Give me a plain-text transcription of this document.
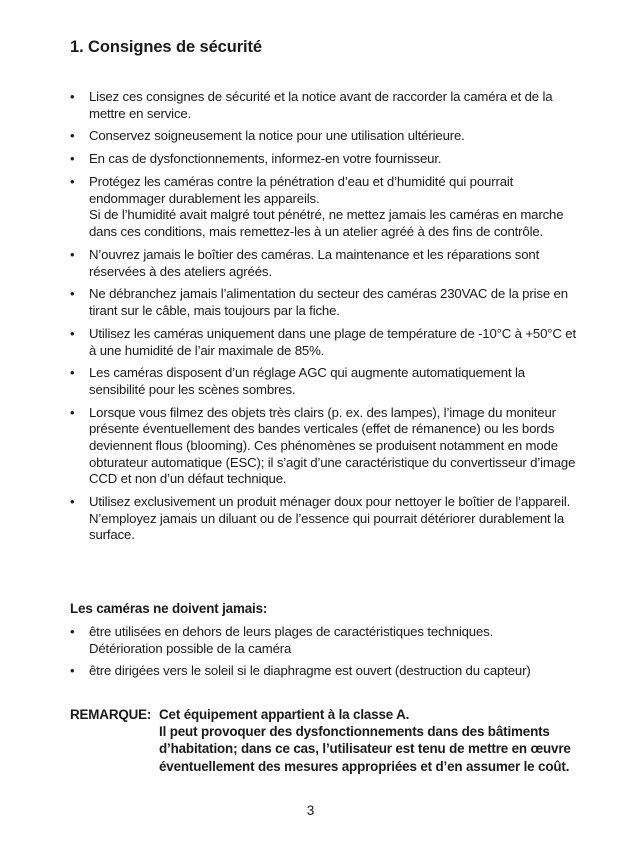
1. Consignes de sécurité
• Lisez ces consignes de sécurité et la notice avant de raccorder la caméra et de la mettre en service.

• Conservez soigneusement la notice pour une utilisation ultérieure.

• En cas de dysfonctionnements, informez-en votre fournisseur.

• Protégez les caméras contre la pénétration d’eau et d’humidité qui pourrait endommager durablement les appareils.

Si de l’humidité avait malgré tout pénétré, ne mettez jamais les caméras en marche dans ces conditions, mais remettez-les à un atelier agréé à des fins de contrôle.

• N’ouvrez jamais le boîtier des caméras. La maintenance et les réparations sont réservées à des ateliers agréés.

• Ne débranchez jamais l’alimentation du secteur des caméras 230VAC de la prise en tirant sur le câble, mais toujours par la fiche.

• Utilisez les caméras uniquement dans une plage de température de -10°C à +50°C et à une humidité de l’air maximale de 85%.

• Les caméras disposent d’un réglage AGC qui augmente automatiquement la sensibilité pour les scènes sombres.

• Lorsque vous filmez des objets très clairs (p. ex. des lampes), l’image du moniteur présente éventuellement des bandes verticales (effet de rémanence) ou les bords deviennent flous (blooming). Ces phénomènes se produisent notamment en mode obturateur automatique (ESC); il s’agit d’une caractéristique du convertisseur d’image CCD et non d’un défaut technique.

• Utilisez exclusivement un produit ménager doux pour nettoyer le boîtier de l’appareil.

N’employez jamais un diluant ou de l’essence qui pourrait détériorer durablement la surface.

Les caméras ne doivent jamais:

• être utilisées en dehors de leurs plages de caractéristiques techniques.

Détérioration possible de la caméra

• être dirigées vers le soleil si le diaphragme est ouvert (destruction du capteur)

REMARQUE: Cet équipement appartient à la classe A.

Il peut provoquer des dysfonctionnements dans des bâtiments d’habitation; dans ce cas, l’utilisateur est tenu de mettre en œuvre éventuellement des mesures appropriées et d’en assumer le coût.

3
